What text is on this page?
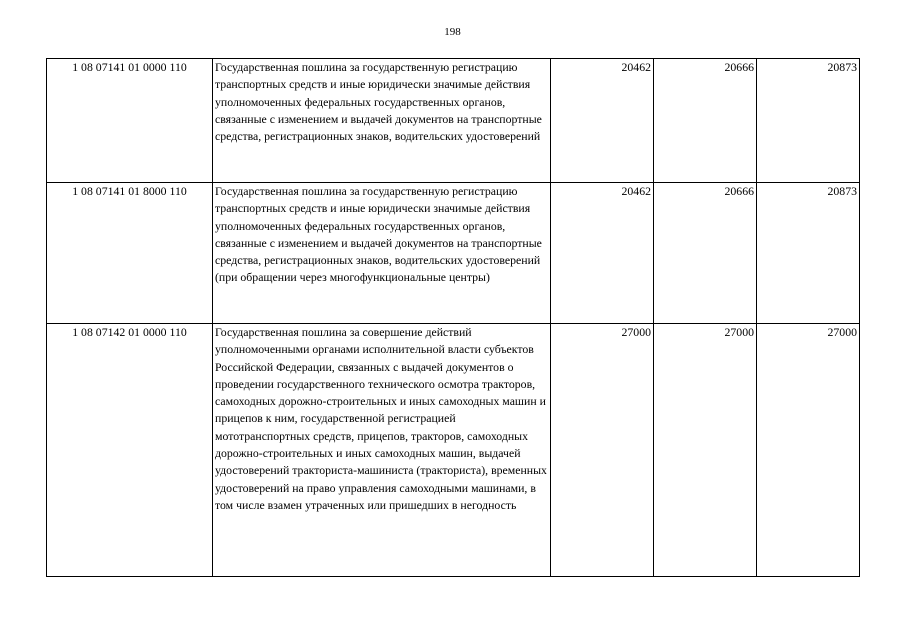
198
1 08 07141 01 0000 110	Государственная пошлина за государственную регистрацию транспортных средств и иные юридически значимые действия уполномоченных федеральных государственных органов, связанные с изменением и выдачей документов на транспортные средства, регистрационных знаков, водительских удостоверений	20462	20666	20873
1 08 07141 01 8000 110	Государственная пошлина за государственную регистрацию транспортных средств и иные юридически значимые действия уполномоченных федеральных государственных органов, связанные с изменением и выдачей документов на транспортные средства, регистрационных знаков, водительских удостоверений (при обращении через многофункциональные центры)	20462	20666	20873
1 08 07142 01 0000 110	Государственная пошлина за совершение действий уполномоченными органами исполнительной власти субъектов Российской Федерации, связанных с выдачей документов о проведении государственного технического осмотра тракторов, самоходных дорожно-строительных и иных самоходных машин и прицепов к ним, государственной регистрацией мототранспортных средств, прицепов, тракторов, самоходных дорожно-строительных и иных самоходных машин, выдачей удостоверений тракториста-машиниста (тракториста), временных удостоверений на право управления самоходными машинами, в том числе взамен утраченных или пришедших в негодность	27000	27000	27000
